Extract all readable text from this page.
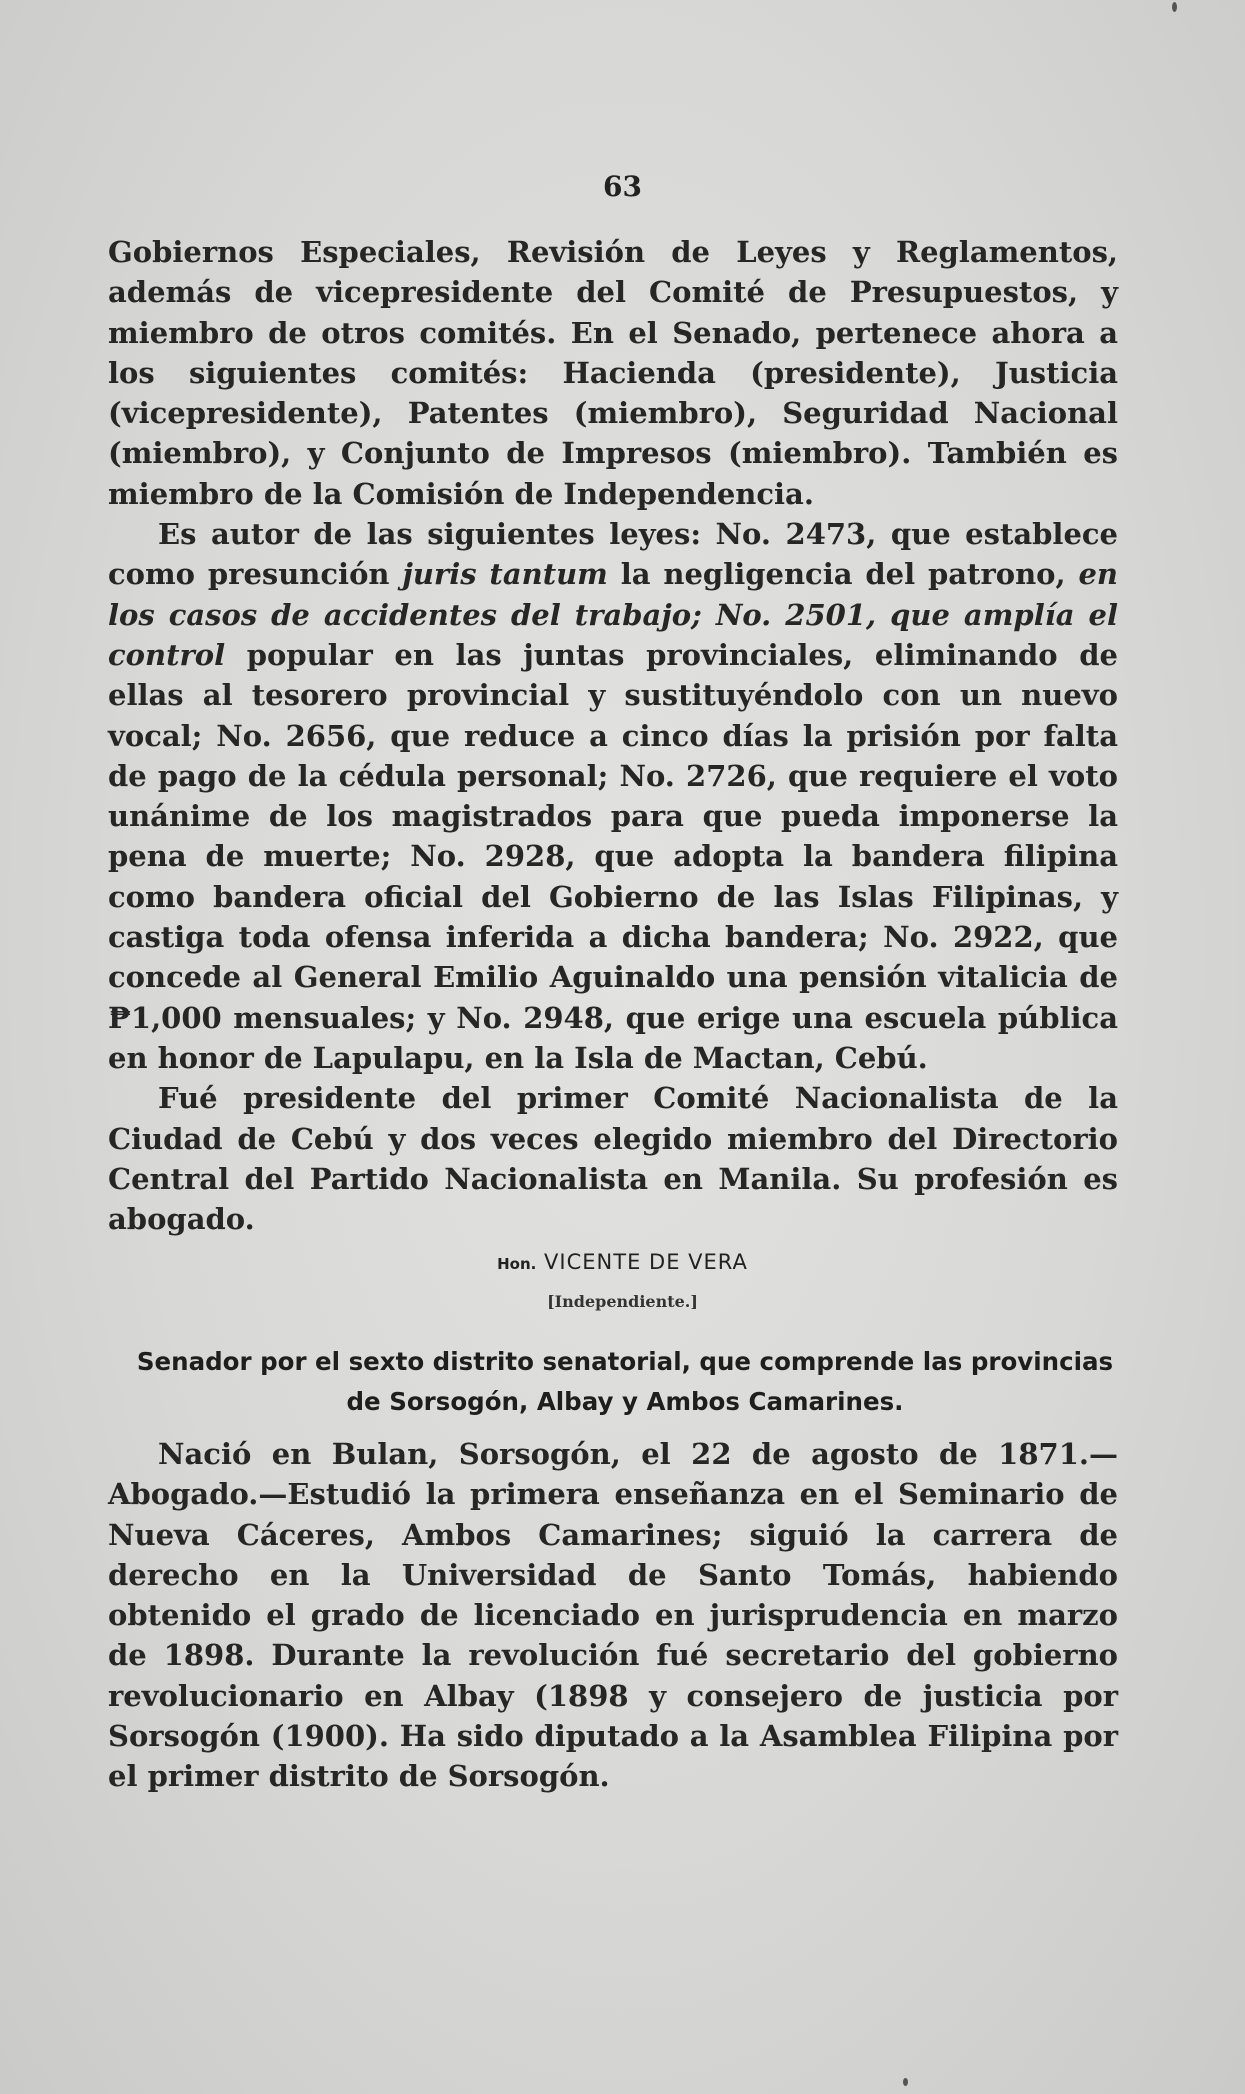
63

Gobiernos Especiales, Revisión de Leyes y Reglamentos, además de vicepresidente del Comité de Presupuestos, y miembro de otros comités. En el Senado, pertenece ahora a los siguientes comités: Hacienda (presidente), Justicia (vicepresidente), Patentes (miembro), Seguridad Nacional (miembro), y Conjunto de Impresos (miembro). También es miembro de la Comisión de Independencia.

Es autor de las siguientes leyes: No. 2473, que establece como presunción juris tantum la negligencia del patrono, en los casos de accidentes del trabajo; No. 2501, que amplía el control popular en las juntas provinciales, eliminando de ellas al tesorero provincial y sustituyéndolo con un nuevo vocal; No. 2656, que reduce a cinco días la prisión por falta de pago de la cédula personal; No. 2726, que requiere el voto unánime de los magistrados para que pueda imponerse la pena de muerte; No. 2928, que adopta la bandera filipina como bandera oficial del Gobierno de las Islas Filipinas, y castiga toda ofensa inferida a dicha bandera; No. 2922, que concede al General Emilio Aguinaldo una pensión vitalicia de ₱1,000 mensuales; y No. 2948, que erige una escuela pública en honor de Lapulapu, en la Isla de Mactan, Cebú.

Fué presidente del primer Comité Nacionalista de la Ciudad de Cebú y dos veces elegido miembro del Directorio Central del Partido Nacionalista en Manila. Su profesión es abogado.

Hon. VICENTE DE VERA
[Independiente.]
Senador por el sexto distrito senatorial, que comprende las provincias de Sorsogón, Albay y Ambos Camarines.

Nació en Bulan, Sorsogón, el 22 de agosto de 1871.—Abogado.—Estudió la primera enseñanza en el Seminario de Nueva Cáceres, Ambos Camarines; siguió la carrera de derecho en la Universidad de Santo Tomás, habiendo obtenido el grado de licenciado en jurisprudencia en marzo de 1898. Durante la revolución fué secretario del gobierno revolucionario en Albay (1898 y consejero de justicia por Sorsogón (1900). Ha sido diputado a la Asamblea Filipina por el primer distrito de Sorsogón.
